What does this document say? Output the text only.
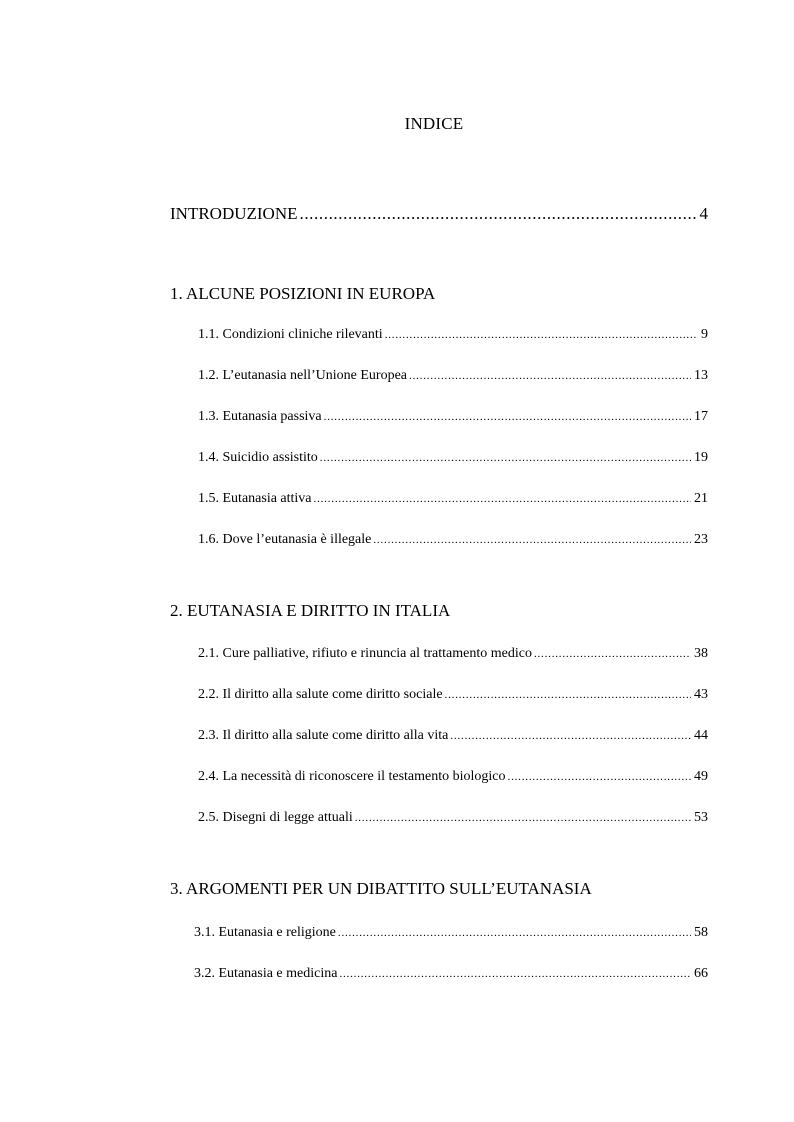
INDICE
INTRODUZIONE .....	4
1. ALCUNE POSIZIONI IN EUROPA
1.1. Condizioni cliniche rilevanti .....	9
1.2. L’eutanasia nell’Unione Europea .....	13
1.3. Eutanasia passiva .....	17
1.4. Suicidio assistito .....	19
1.5. Eutanasia attiva .....	21
1.6. Dove l’eutanasia è illegale .....	23
2. EUTANASIA E DIRITTO IN ITALIA
2.1. Cure palliative, rifiuto e rinuncia al trattamento medico .....	38
2.2. Il diritto alla salute come diritto sociale .....	43
2.3. Il diritto alla salute come diritto alla vita .....	44
2.4. La necessità di riconoscere il testamento biologico .....	49
2.5. Disegni di legge attuali .....	53
3. ARGOMENTI PER UN DIBATTITO SULL’EUTANASIA
3.1. Eutanasia e religione .....	58
3.2. Eutanasia e medicina .....	66
